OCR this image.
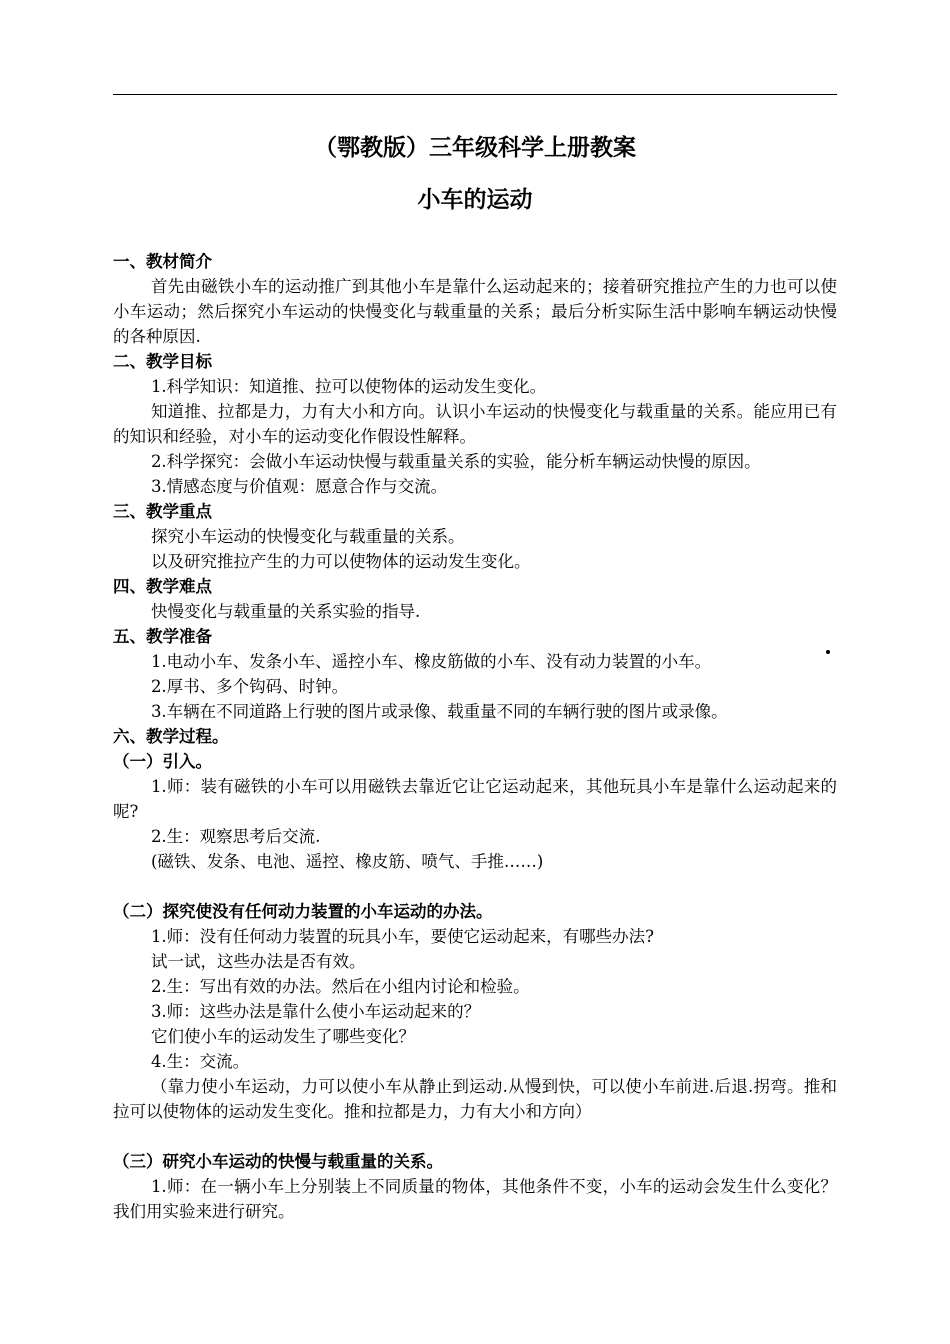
（鄂教版）三年级科学上册教案
小车的运动

一、教材简介

首先由磁铁小车的运动推广到其他小车是靠什么运动起来的；接着研究推拉产生的力也可以使小车运动；然后探究小车运动的快慢变化与载重量的关系；最后分析实际生活中影响车辆运动快慢的各种原因.

二、教学目标

1.科学知识：知道推、拉可以使物体的运动发生变化。

知道推、拉都是力，力有大小和方向。认识小车运动的快慢变化与载重量的关系。能应用已有的知识和经验，对小车的运动变化作假设性解释。

2.科学探究：会做小车运动快慢与载重量关系的实验，能分析车辆运动快慢的原因。

3.情感态度与价值观：愿意合作与交流。

三、教学重点

探究小车运动的快慢变化与载重量的关系。

以及研究推拉产生的力可以使物体的运动发生变化。

四、教学难点

快慢变化与载重量的关系实验的指导.

五、教学准备

1.电动小车、发条小车、遥控小车、橡皮筋做的小车、没有动力装置的小车。

2.厚书、多个钩码、时钟。

3.车辆在不同道路上行驶的图片或录像、载重量不同的车辆行驶的图片或录像。

六、教学过程。

（一）引入。

1.师：装有磁铁的小车可以用磁铁去靠近它让它运动起来，其他玩具小车是靠什么运动起来的呢?

2.生：观察思考后交流.

(磁铁、发条、电池、遥控、橡皮筋、喷气、手推……)

（二）探究使没有任何动力装置的小车运动的办法。

1.师：没有任何动力装置的玩具小车，要使它运动起来，有哪些办法?

试一试，这些办法是否有效。

2.生：写出有效的办法。然后在小组内讨论和检验。

3.师：这些办法是靠什么使小车运动起来的？

它们使小车的运动发生了哪些变化？

4.生：交流。

（靠力使小车运动，力可以使小车从静止到运动.从慢到快，可以使小车前进.后退.拐弯。推和拉可以使物体的运动发生变化。推和拉都是力，力有大小和方向）

（三）研究小车运动的快慢与载重量的关系。

1.师：在一辆小车上分别装上不同质量的物体，其他条件不变，小车的运动会发生什么变化？我们用实验来进行研究。
